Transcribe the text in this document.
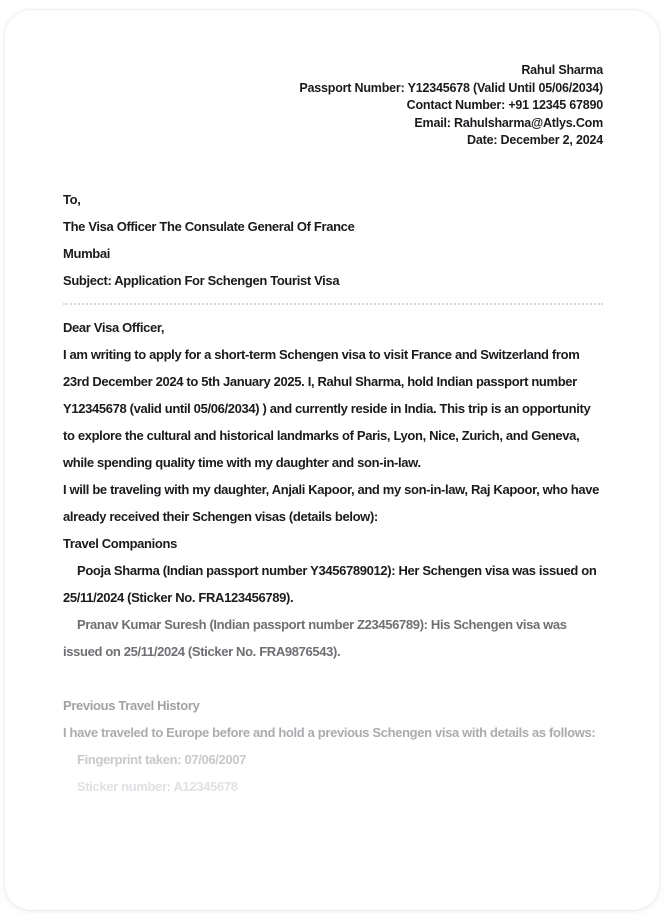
Rahul Sharma
Passport Number: Y12345678 (Valid Until 05/06/2034)
Contact Number: +91 12345 67890
Email: Rahulsharma@Atlys.Com
Date: December 2, 2024

To,

The Visa Officer The Consulate General Of France

Mumbai

Subject: Application For Schengen Tourist Visa

Dear Visa Officer,

I am writing to apply for a short-term Schengen visa to visit France and Switzerland from 23rd December 2024 to 5th January 2025. I, Rahul Sharma, hold Indian passport number Y12345678 (valid until 05/06/2034) ) and currently reside in India. This trip is an opportunity to explore the cultural and historical landmarks of Paris, Lyon, Nice, Zurich, and Geneva, while spending quality time with my daughter and son-in-law.

I will be traveling with my daughter, Anjali Kapoor, and my son-in-law, Raj Kapoor, who have already received their Schengen visas (details below):

Travel Companions

Pooja Sharma (Indian passport number Y3456789012): Her Schengen visa was issued on 25/11/2024 (Sticker No. FRA123456789).

Pranav Kumar Suresh (Indian passport number Z23456789): His Schengen visa was issued on 25/11/2024 (Sticker No. FRA9876543).

Previous Travel History

I have traveled to Europe before and hold a previous Schengen visa with details as follows:

Fingerprint taken: 07/06/2007

Sticker number: A12345678
